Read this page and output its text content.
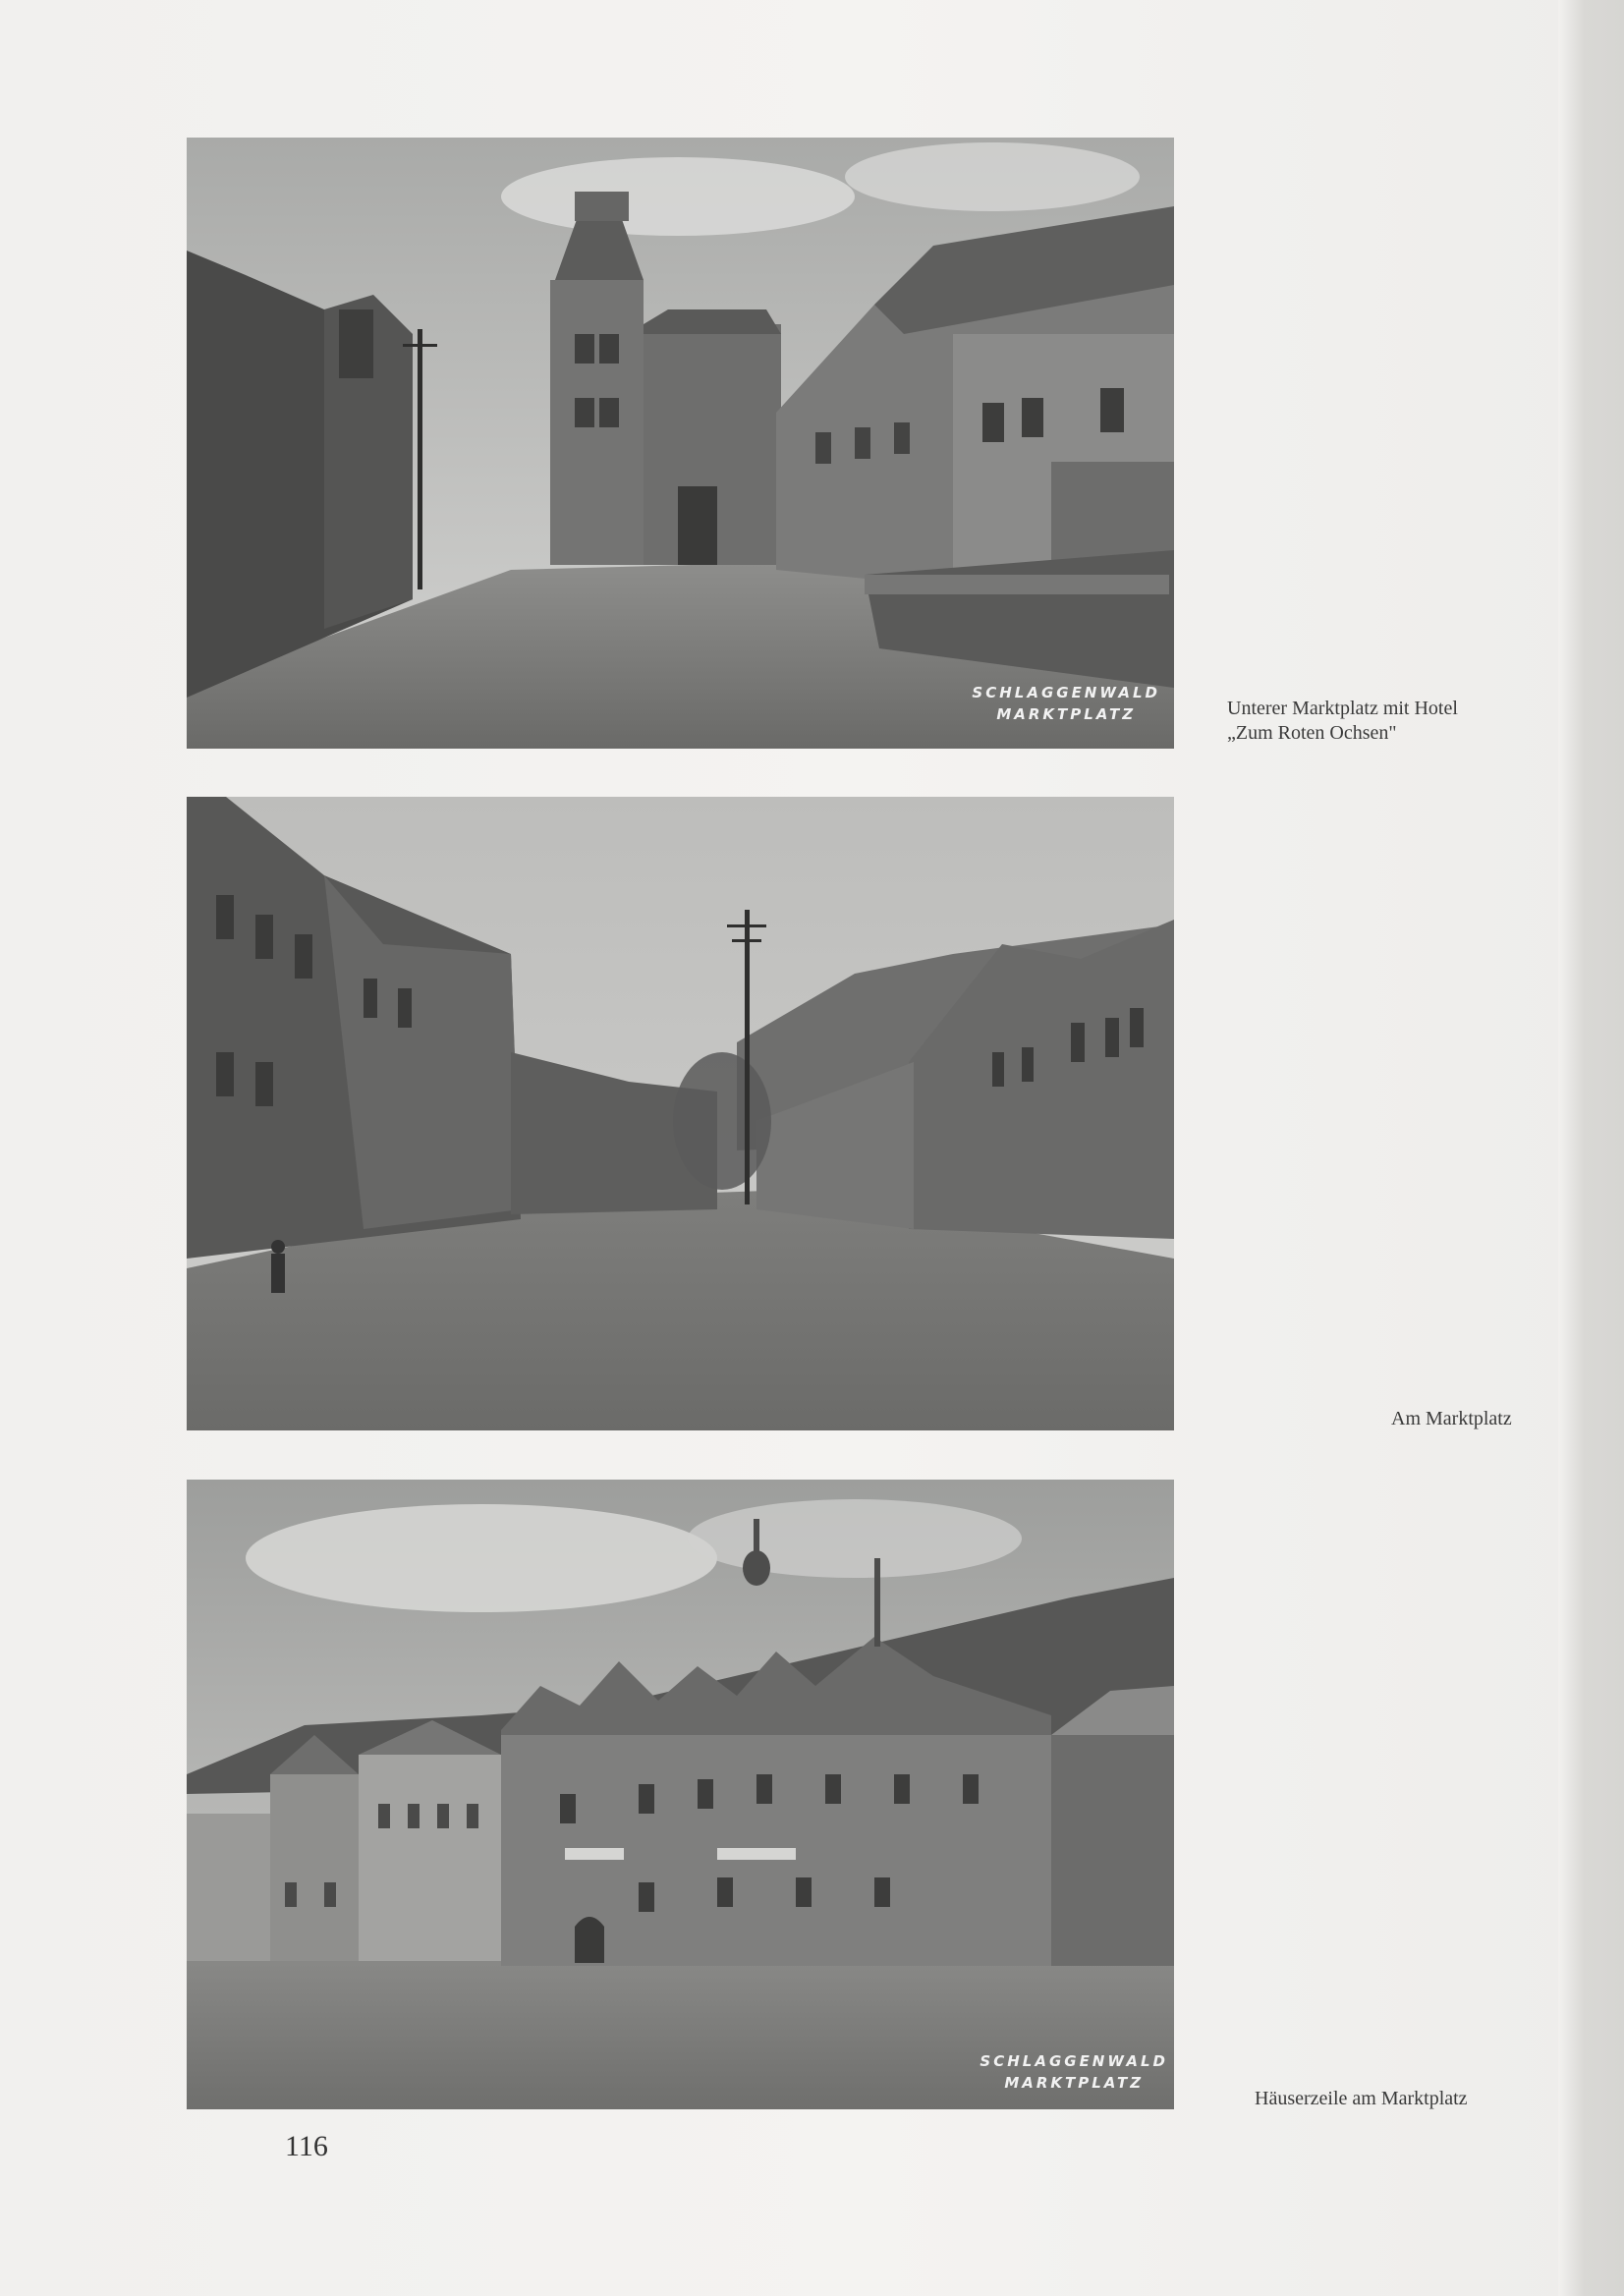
SCHLAGGENWALD
MARKTPLATZ	Unterer Marktplatz mit Hotel
„Zum Roten Ochsen"
Am Marktplatz
SCHLAGGENWALD
MARKTPLATZ
Häuserzeile am Marktplatz
116
